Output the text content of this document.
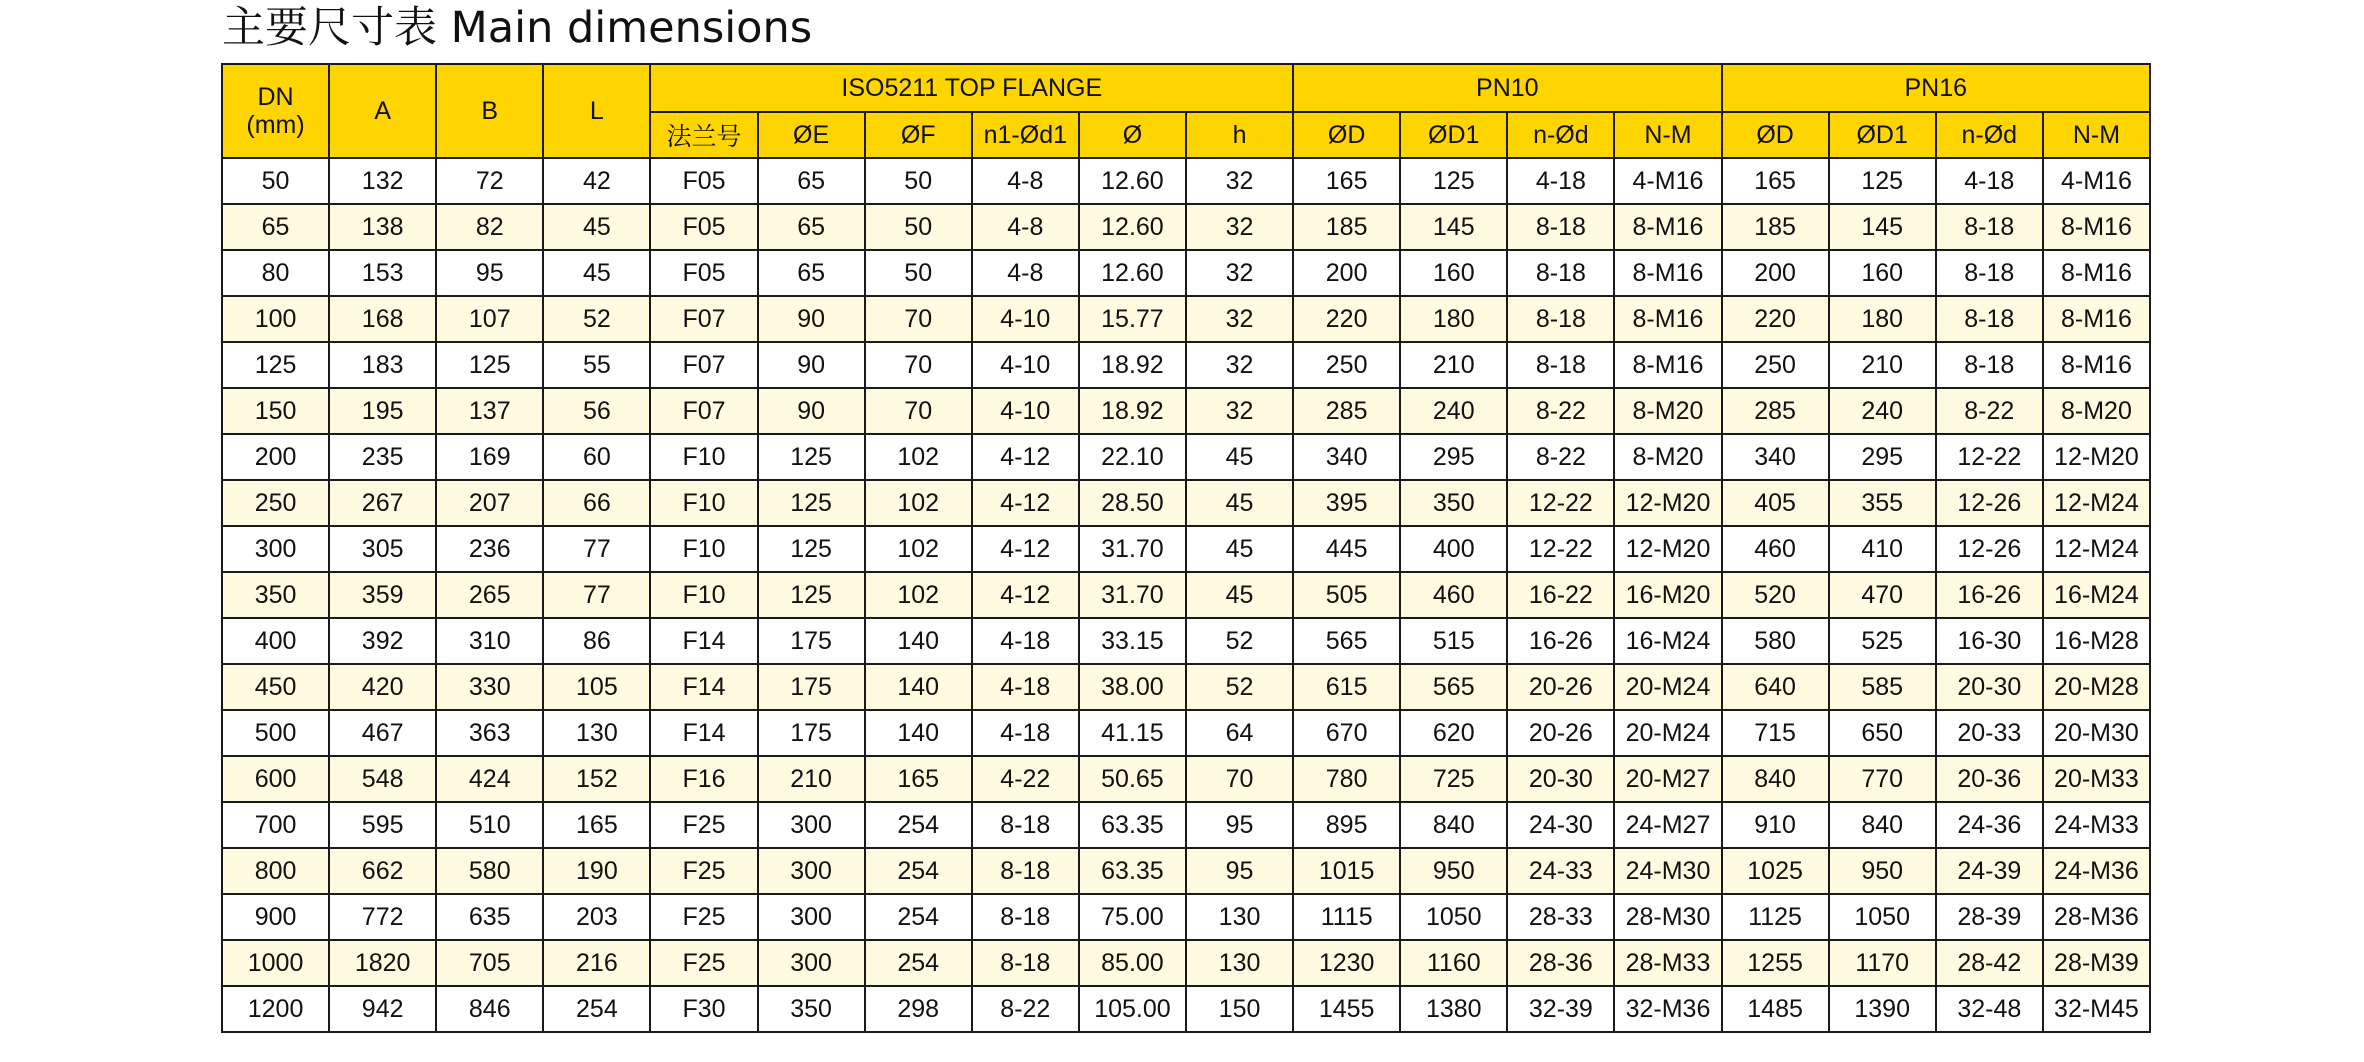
主要尺寸表 Main dimensions
DN
(mm)	A	B	L	ISO5211 TOP FLANGE						PN10				PN16			
				法兰号	ØE	ØF	n1-Ød1	Ø	h	ØD	ØD1	n-Ød	N-M	ØD	ØD1	n-Ød	N-M
50	132	72	42	F05	65	50	4-8	12.60	32	165	125	4-18	4-M16	165	125	4-18	4-M16
65	138	82	45	F05	65	50	4-8	12.60	32	185	145	8-18	8-M16	185	145	8-18	8-M16
80	153	95	45	F05	65	50	4-8	12.60	32	200	160	8-18	8-M16	200	160	8-18	8-M16
100	168	107	52	F07	90	70	4-10	15.77	32	220	180	8-18	8-M16	220	180	8-18	8-M16
125	183	125	55	F07	90	70	4-10	18.92	32	250	210	8-18	8-M16	250	210	8-18	8-M16
150	195	137	56	F07	90	70	4-10	18.92	32	285	240	8-22	8-M20	285	240	8-22	8-M20
200	235	169	60	F10	125	102	4-12	22.10	45	340	295	8-22	8-M20	340	295	12-22	12-M20
250	267	207	66	F10	125	102	4-12	28.50	45	395	350	12-22	12-M20	405	355	12-26	12-M24
300	305	236	77	F10	125	102	4-12	31.70	45	445	400	12-22	12-M20	460	410	12-26	12-M24
350	359	265	77	F10	125	102	4-12	31.70	45	505	460	16-22	16-M20	520	470	16-26	16-M24
400	392	310	86	F14	175	140	4-18	33.15	52	565	515	16-26	16-M24	580	525	16-30	16-M28
450	420	330	105	F14	175	140	4-18	38.00	52	615	565	20-26	20-M24	640	585	20-30	20-M28
500	467	363	130	F14	175	140	4-18	41.15	64	670	620	20-26	20-M24	715	650	20-33	20-M30
600	548	424	152	F16	210	165	4-22	50.65	70	780	725	20-30	20-M27	840	770	20-36	20-M33
700	595	510	165	F25	300	254	8-18	63.35	95	895	840	24-30	24-M27	910	840	24-36	24-M33
800	662	580	190	F25	300	254	8-18	63.35	95	1015	950	24-33	24-M30	1025	950	24-39	24-M36
900	772	635	203	F25	300	254	8-18	75.00	130	1115	1050	28-33	28-M30	1125	1050	28-39	28-M36
1000	1820	705	216	F25	300	254	8-18	85.00	130	1230	1160	28-36	28-M33	1255	1170	28-42	28-M39
1200	942	846	254	F30	350	298	8-22	105.00	150	1455	1380	32-39	32-M36	1485	1390	32-48	32-M45
